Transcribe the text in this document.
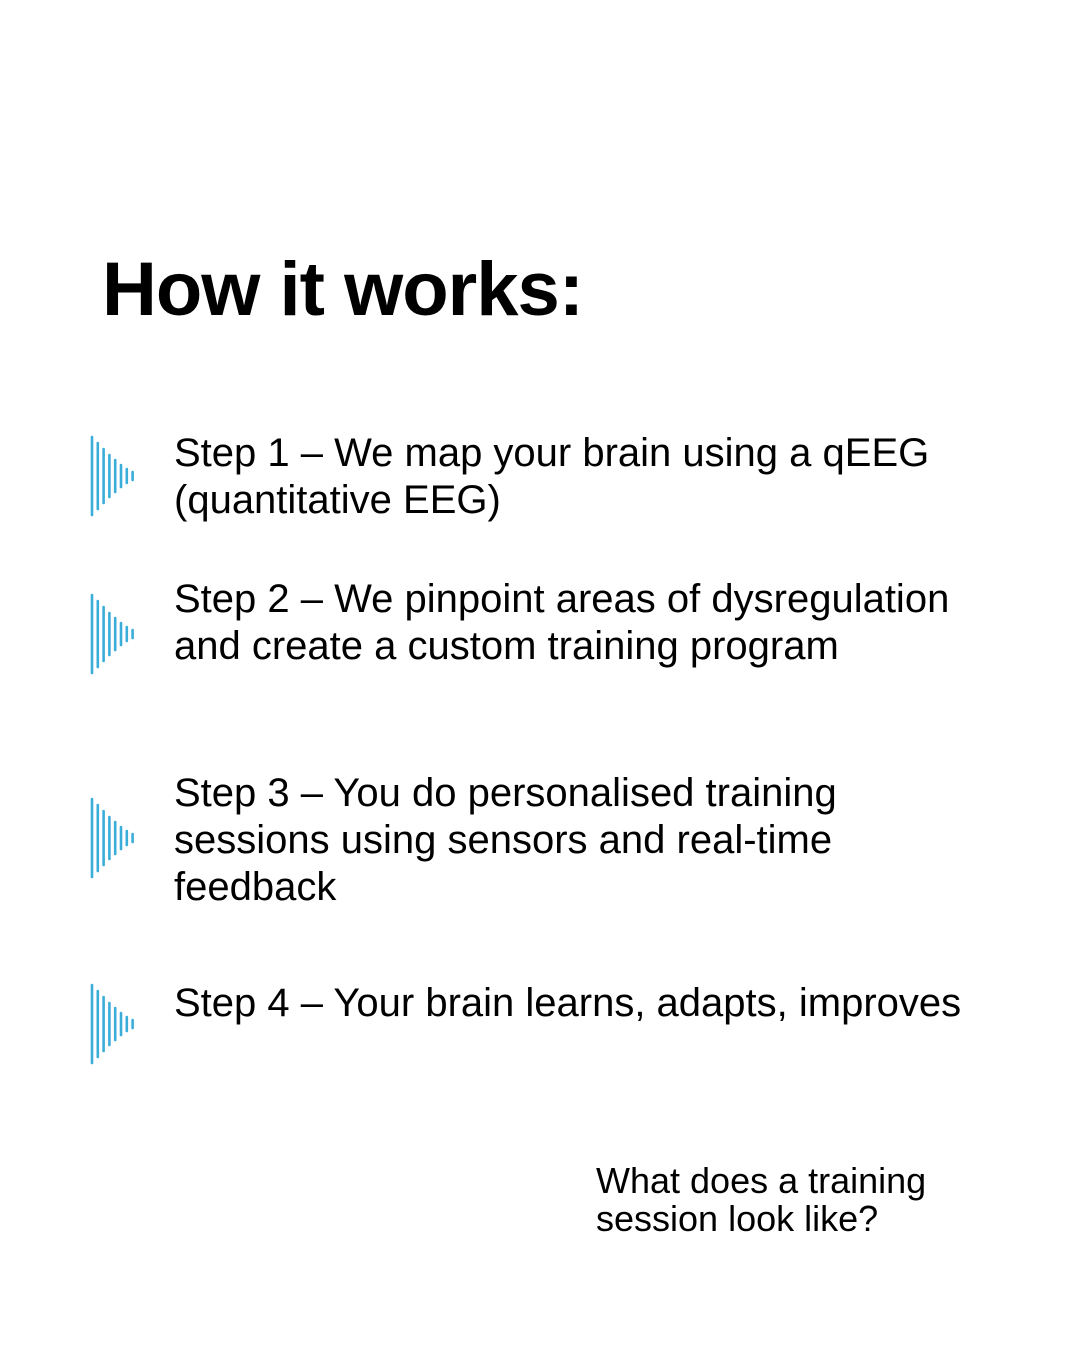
How it works:

Step 1 – We map your brain using a qEEG (quantitative EEG)

Step 2 – We pinpoint areas of dysregulation and create a custom training program

Step 3 – You do personalised training sessions using sensors and real-time feedback

Step 4 – Your brain learns, adapts, improves

What does a training session look like?
